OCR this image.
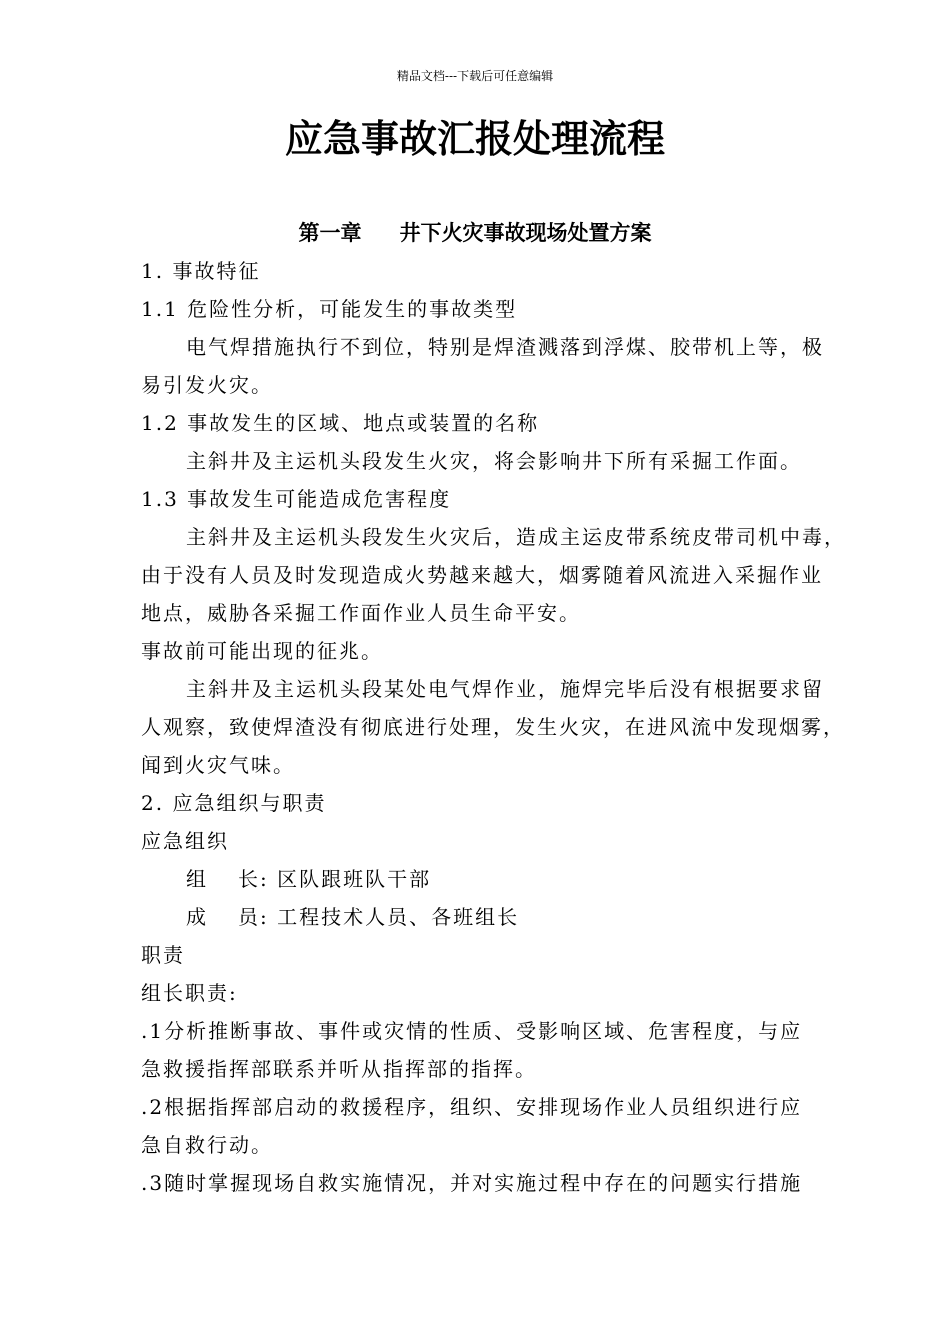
精品文档---下载后可任意编辑
应急事故汇报处理流程
第一章 井下火灾事故现场处置方案
1. 事故特征
1.1 危险性分析，可能发生的事故类型
电气焊措施执行不到位，特别是焊渣溅落到浮煤、胶带机上等，极
易引发火灾。
1.2 事故发生的区域、地点或装置的名称
主斜井及主运机头段发生火灾，将会影响井下所有采掘工作面。
1.3 事故发生可能造成危害程度
主斜井及主运机头段发生火灾后，造成主运皮带系统皮带司机中毒，
由于没有人员及时发现造成火势越来越大，烟雾随着风流进入采掘作业
地点，威胁各采掘工作面作业人员生命平安。
事故前可能出现的征兆。
主斜井及主运机头段某处电气焊作业，施焊完毕后没有根据要求留
人观察，致使焊渣没有彻底进行处理，发生火灾，在进风流中发现烟雾，
闻到火灾气味。
2. 应急组织与职责
应急组织
组 长: 区队跟班队干部
成 员: 工程技术人员、各班组长
职责
组长职责:
.1分析推断事故、事件或灾情的性质、受影响区域、危害程度，与应
急救援指挥部联系并听从指挥部的指挥。
.2根据指挥部启动的救援程序，组织、安排现场作业人员组织进行应
急自救行动。
.3随时掌握现场自救实施情况，并对实施过程中存在的问题实行措施
